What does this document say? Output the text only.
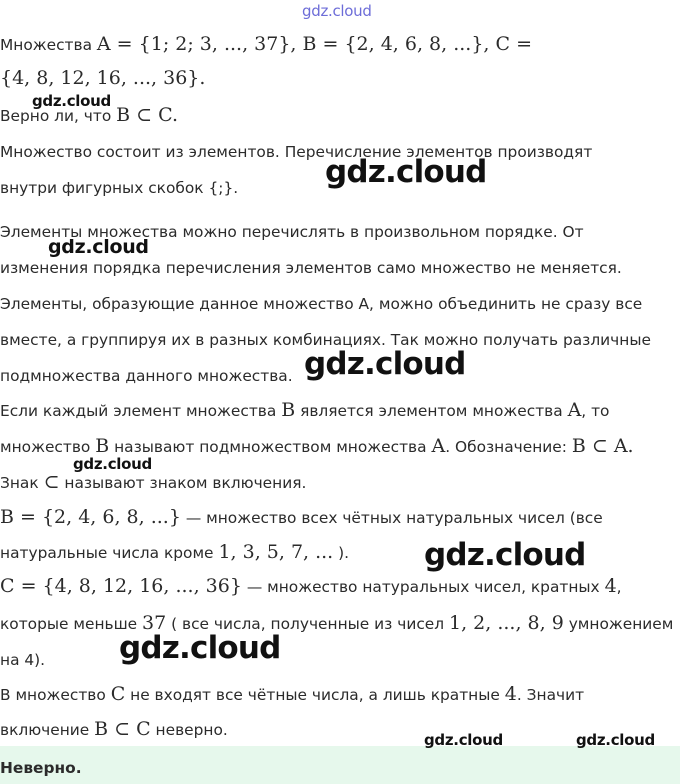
Множества A = {1; 2; 3, ..., 37}, B = {2, 4, 6, 8, ...}, C =
{4, 8, 12, 16, ..., 36}.
Верно ли, что B ⊂ C.
Множество состоит из элементов. Перечисление элементов производят
внутри фигурных скобок {;}.
Элементы множества можно перечислять в произвольном порядке. От
изменения порядка перечисления элементов само множество не меняется.
Элементы, образующие данное множество А, можно объединить не сразу все
вместе, а группируя их в разных комбинациях. Так можно получать различные
подмножества данного множества.
Если каждый элемент множества B является элементом множества A, то
множество B называют подмножеством множества A. Обозначение: B ⊂ A.
Знак ⊂ называют знаком включения.
B = {2, 4, 6, 8, ...} — множество всех чётных натуральных чисел (все
натуральные числа кроме 1, 3, 5, 7, ... ).
C = {4, 8, 12, 16, ..., 36} — множество натуральных чисел, кратных 4,
которые меньше 37 ( все числа, полученные из чисел 1, 2, ..., 8, 9 умножением
на 4).
В множество C не входят все чётные числа, а лишь кратные 4. Значит
включение B ⊂ C неверно.
Неверно.
gdz.cloud
gdz.cloud
gdz.cloud
gdz.cloud
gdz.cloud
gdz.cloud
gdz.cloud
gdz.cloud
gdz.cloud	gdz.cloud
